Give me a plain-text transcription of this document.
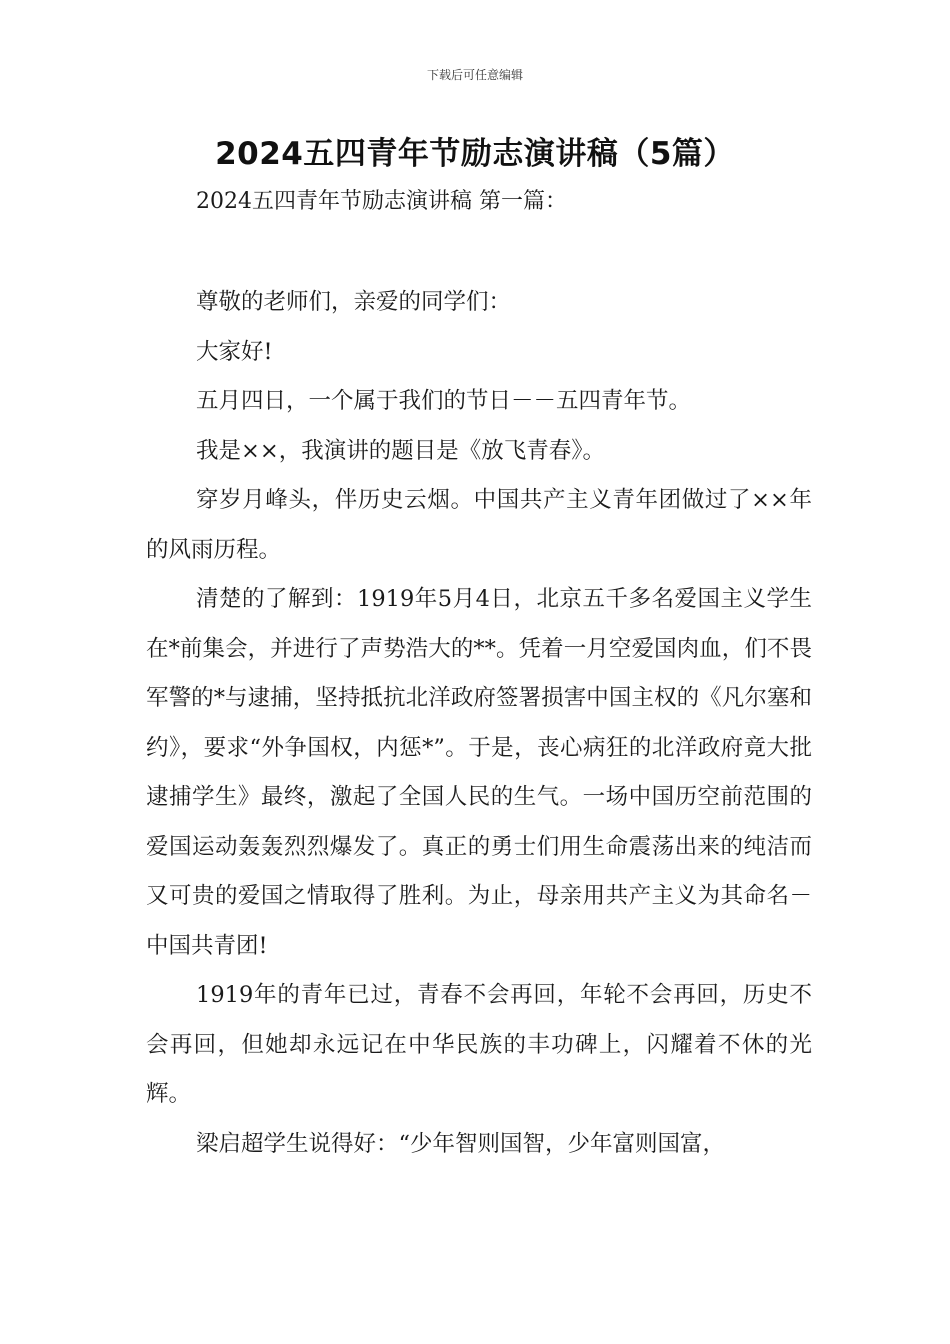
下载后可任意编辑
2024五四青年节励志演讲稿（5篇）
2024五四青年节励志演讲稿 第一篇：

尊敬的老师们，亲爱的同学们：

大家好!

五月四日，一个属于我们的节日－－五四青年节。

我是××，我演讲的题目是《放飞青春》。

穿岁月峰头，伴历史云烟。中国共产主义青年团做过了××年的风雨历程。

清楚的了解到：1919年5月4日，北京五千多名爱国主义学生在*前集会，并进行了声势浩大的**。凭着一月空爱国肉血，们不畏军警的*与逮捕，坚持抵抗北洋政府签署损害中国主权的《凡尔塞和约》，要求“外争国权，内惩*”。于是，丧心病狂的北洋政府竟大批逮捕学生》最终，激起了全国人民的生气。一场中国历空前范围的爱国运动轰轰烈烈爆发了。真正的勇士们用生命震荡出来的纯洁而又可贵的爱国之情取得了胜利。为止，母亲用共产主义为其命名－中国共青团!

1919年的青年已过，青春不会再回，年轮不会再回，历史不会再回，但她却永远记在中华民族的丰功碑上，闪耀着不休的光辉。

梁启超学生说得好：“少年智则国智，少年富则国富，
